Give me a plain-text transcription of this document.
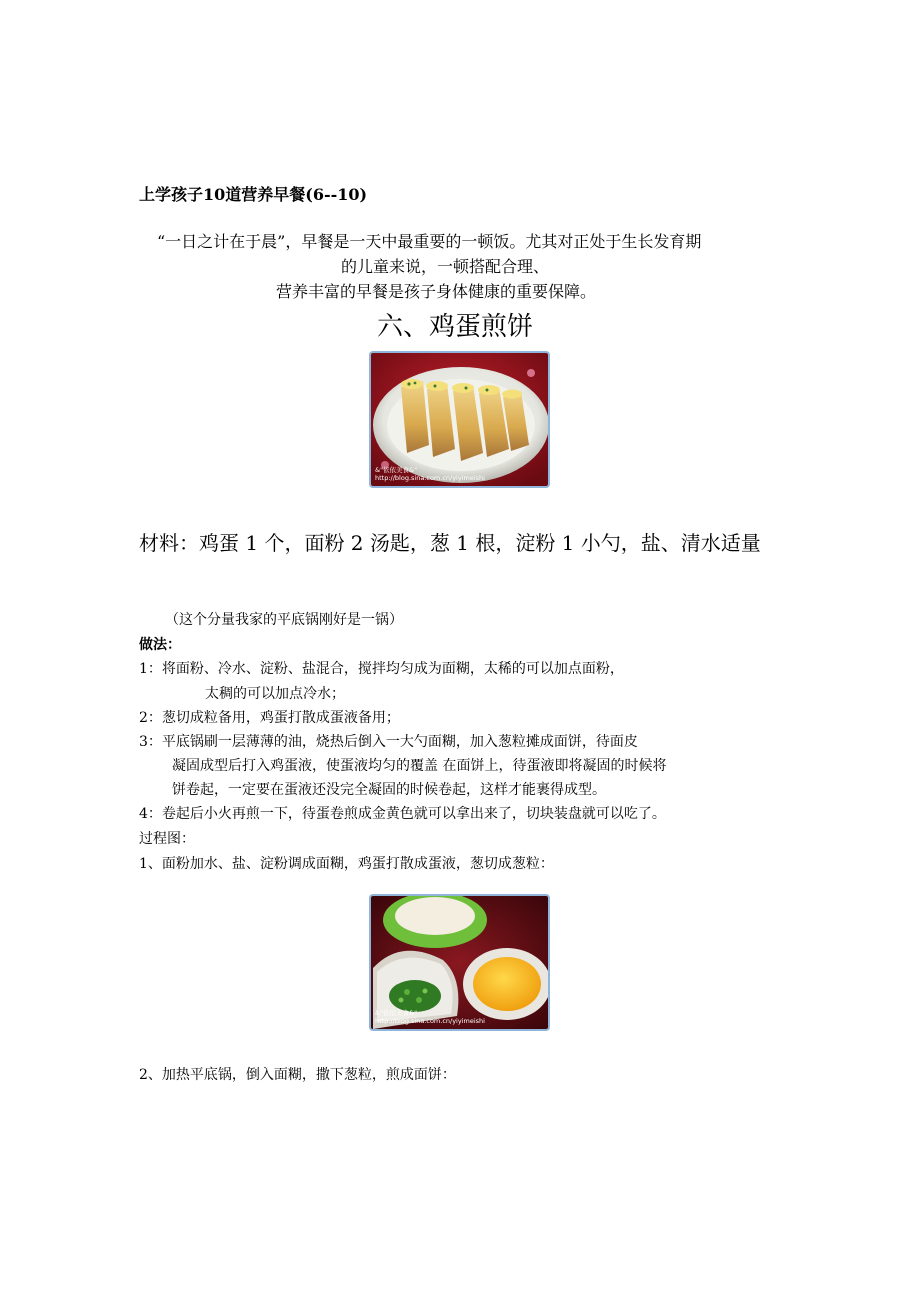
上学孩子10道营养早餐(6--10)
“一日之计在于晨”，早餐是一天中最重要的一顿饭。尤其对正处于生长发育期
的儿童来说，一顿搭配合理、
营养丰富的早餐是孩子身体健康的重要保障。
六、鸡蛋煎饼
&"依依美食&"
http://blog.sina.com.cn/yiyimeishi
材料：鸡蛋 1 个，面粉 2 汤匙，葱 1 根，淀粉 1 小勺，盐、清水适量
（这个分量我家的平底锅刚好是一锅）
做法：
1：将面粉、冷水、淀粉、盐混合，搅拌均匀成为面糊，太稀的可以加点面粉，
太稠的可以加点冷水；
2：葱切成粒备用，鸡蛋打散成蛋液备用；
3：平底锅刷一层薄薄的油，烧热后倒入一大勺面糊，加入葱粒摊成面饼，待面皮
凝固成型后打入鸡蛋液，使蛋液均匀的覆盖 在面饼上，待蛋液即将凝固的时候将
饼卷起，一定要在蛋液还没完全凝固的时候卷起，这样才能裹得成型。
4：卷起后小火再煎一下，待蛋卷煎成金黄色就可以拿出来了，切块装盘就可以吃了。
过程图：
1、面粉加水、盐、淀粉调成面糊，鸡蛋打散成蛋液，葱切成葱粒：
&"依依美食&"
http://blog.sina.com.cn/yiyimeishi
2、加热平底锅，倒入面糊，撒下葱粒，煎成面饼：
